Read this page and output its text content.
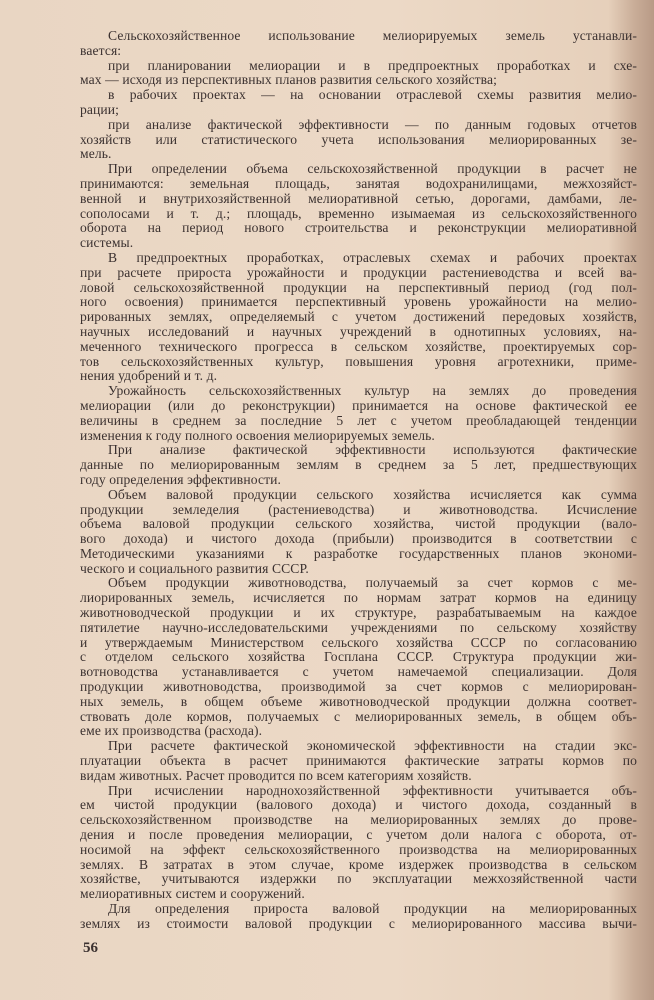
Сельскохозяйственное использование мелиорируемых земель устанавли-
вается:
при планировании мелиорации и в предпроектных проработках и схе-
мах — исходя из перспективных планов развития сельского хозяйства;
в рабочих проектах — на основании отраслевой схемы развития мелио-
рации;
при анализе фактической эффективности — по данным годовых отчетов
хозяйств или статистического учета использования мелиорированных зе-
мель.
При определении объема сельскохозяйственной продукции в расчет не
принимаются: земельная площадь, занятая водохранилищами, межхозяйст-
венной и внутрихозяйственной мелиоративной сетью, дорогами, дамбами, ле-
сополосами и т. д.; площадь, временно изымаемая из сельскохозяйственного
оборота на период нового строительства и реконструкции мелиоративной
системы.
В предпроектных проработках, отраслевых схемах и рабочих проектах
при расчете прироста урожайности и продукции растениеводства и всей ва-
ловой сельскохозяйственной продукции на перспективный период (год пол-
ного освоения) принимается перспективный уровень урожайности на мелио-
рированных землях, определяемый с учетом достижений передовых хозяйств,
научных исследований и научных учреждений в однотипных условиях, на-
меченного технического прогресса в сельском хозяйстве, проектируемых сор-
тов сельскохозяйственных культур, повышения уровня агротехники, приме-
нения удобрений и т. д.
Урожайность сельскохозяйственных культур на землях до проведения
мелиорации (или до реконструкции) принимается на основе фактической ее
величины в среднем за последние 5 лет с учетом преобладающей тенденции
изменения к году полного освоения мелиорируемых земель.
При анализе фактической эффективности используются фактические
данные по мелиорированным землям в среднем за 5 лет, предшествующих
году определения эффективности.
Объем валовой продукции сельского хозяйства исчисляется как сумма
продукции земледелия (растениеводства) и животноводства. Исчисление
объема валовой продукции сельского хозяйства, чистой продукции (вало-
вого дохода) и чистого дохода (прибыли) производится в соответствии с
Методическими указаниями к разработке государственных планов экономи-
ческого и социального развития СССР.
Объем продукции животноводства, получаемый за счет кормов с ме-
лиорированных земель, исчисляется по нормам затрат кормов на единицу
животноводческой продукции и их структуре, разрабатываемым на каждое
пятилетие научно-исследовательскими учреждениями по сельскому хозяйству
и утверждаемым Министерством сельского хозяйства СССР по согласованию
с отделом сельского хозяйства Госплана СССР. Структура продукции жи-
вотноводства устанавливается с учетом намечаемой специализации. Доля
продукции животноводства, производимой за счет кормов с мелиорирован-
ных земель, в общем объеме животноводческой продукции должна соответ-
ствовать доле кормов, получаемых с мелиорированных земель, в общем объ-
еме их производства (расхода).
При расчете фактической экономической эффективности на стадии экс-
плуатации объекта в расчет принимаются фактические затраты кормов по
видам животных. Расчет проводится по всем категориям хозяйств.
При исчислении народнохозяйственной эффективности учитывается объ-
ем чистой продукции (валового дохода) и чистого дохода, созданный в
сельскохозяйственном производстве на мелиорированных землях до прове-
дения и после проведения мелиорации, с учетом доли налога с оборота, от-
носимой на эффект сельскохозяйственного производства на мелиорированных
землях. В затратах в этом случае, кроме издержек производства в сельском
хозяйстве, учитываются издержки по эксплуатации межхозяйственной части
мелиоративных систем и сооружений.
Для определения прироста валовой продукции на мелиорированных
землях из стоимости валовой продукции с мелиорированного массива вычи-
56
